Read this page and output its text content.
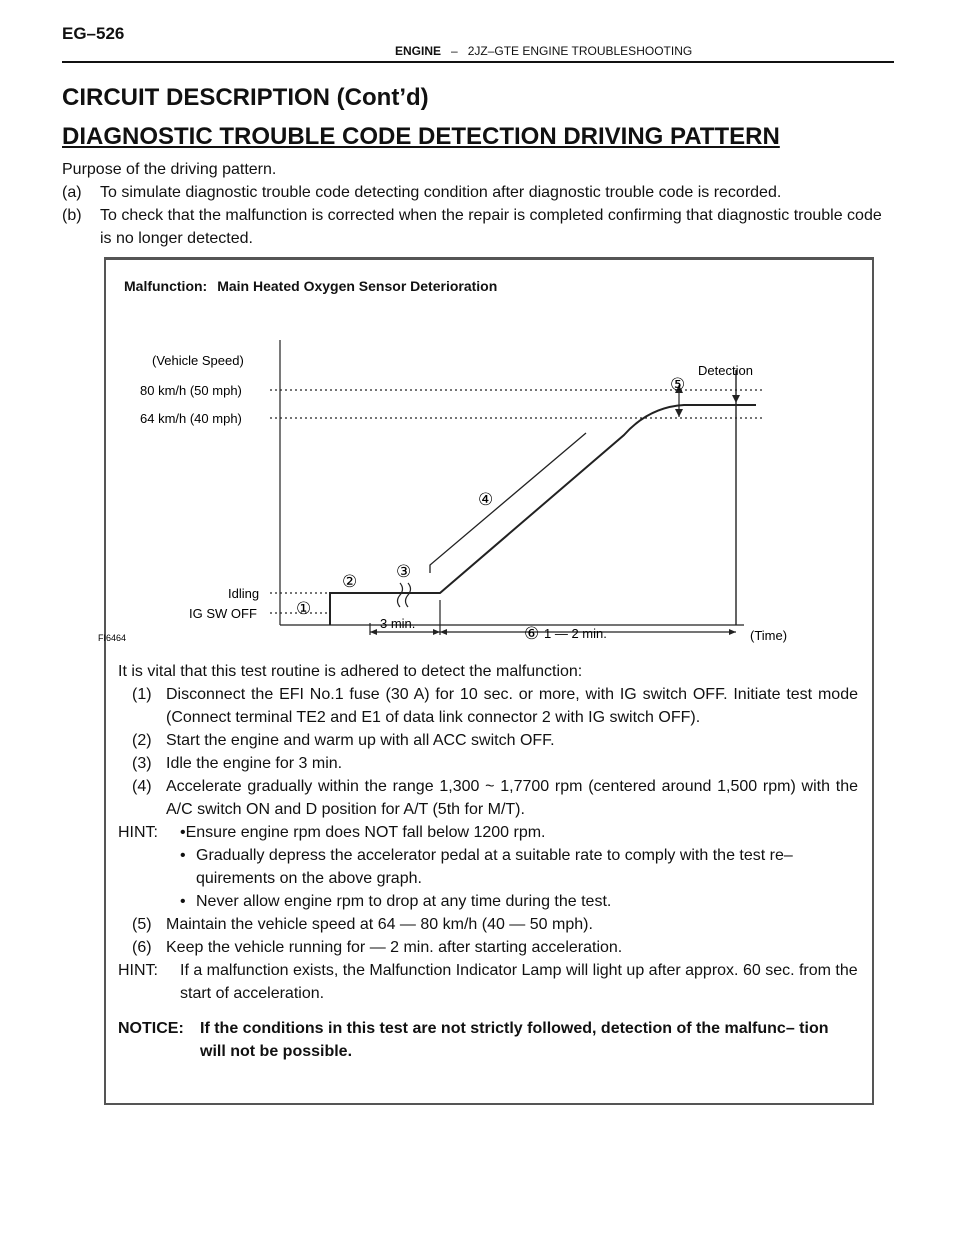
EG–526
ENGINE – 2JZ–GTE ENGINE TROUBLESHOOTING
CIRCUIT DESCRIPTION (Cont’d)
DIAGNOSTIC TROUBLE CODE DETECTION DRIVING PATTERN
Purpose of the driving pattern.
(a)	To simulate diagnostic trouble code detecting condition after diagnostic trouble code is recorded.
(b)	To check that the malfunction is corrected when the repair is completed confirming that diagnostic trouble code is no longer detected.
Malfunction: Main Heated Oxygen Sensor Deterioration
(Vehicle Speed)
80 km/h (50 mph)
64 km/h (40 mph)
Idling
IG SW OFF
(Time)
FI6464
Detection
3 min.
1 — 2 min.
①
②
③
④
⑤
⑥

It is vital that this test routine is adhered to detect the malfunction:

(1) Disconnect the EFI No.1 fuse (30 A) for 10 sec. or more, with IG switch OFF. Initiate test mode (Connect terminal TE2 and E1 of data link connector 2 with IG switch OFF).
(2) Start the engine and warm up with all ACC switch OFF.
(3) Idle the engine for 3 min.
(4) Accelerate gradually within the range 1,300 ~ 1,7700 rpm (centered around 1,500 rpm) with the A/C switch ON and D position for A/T (5th for M/T).
HINT:	• Ensure engine rpm does NOT fall below 1200 rpm.
• Gradually depress the accelerator pedal at a suitable rate to comply with the test re– quirements on the above graph.
• Never allow engine rpm to drop at any time during the test.
(5) Maintain the vehicle speed at 64 — 80 km/h (40 — 50 mph).
(6) Keep the vehicle running for — 2 min. after starting acceleration.
HINT:	If a malfunction exists, the Malfunction Indicator Lamp will light up after approx. 60 sec. from the start of acceleration.
NOTICE:	If the conditions in this test are not strictly followed, detection of the malfunc– tion will not be possible.
